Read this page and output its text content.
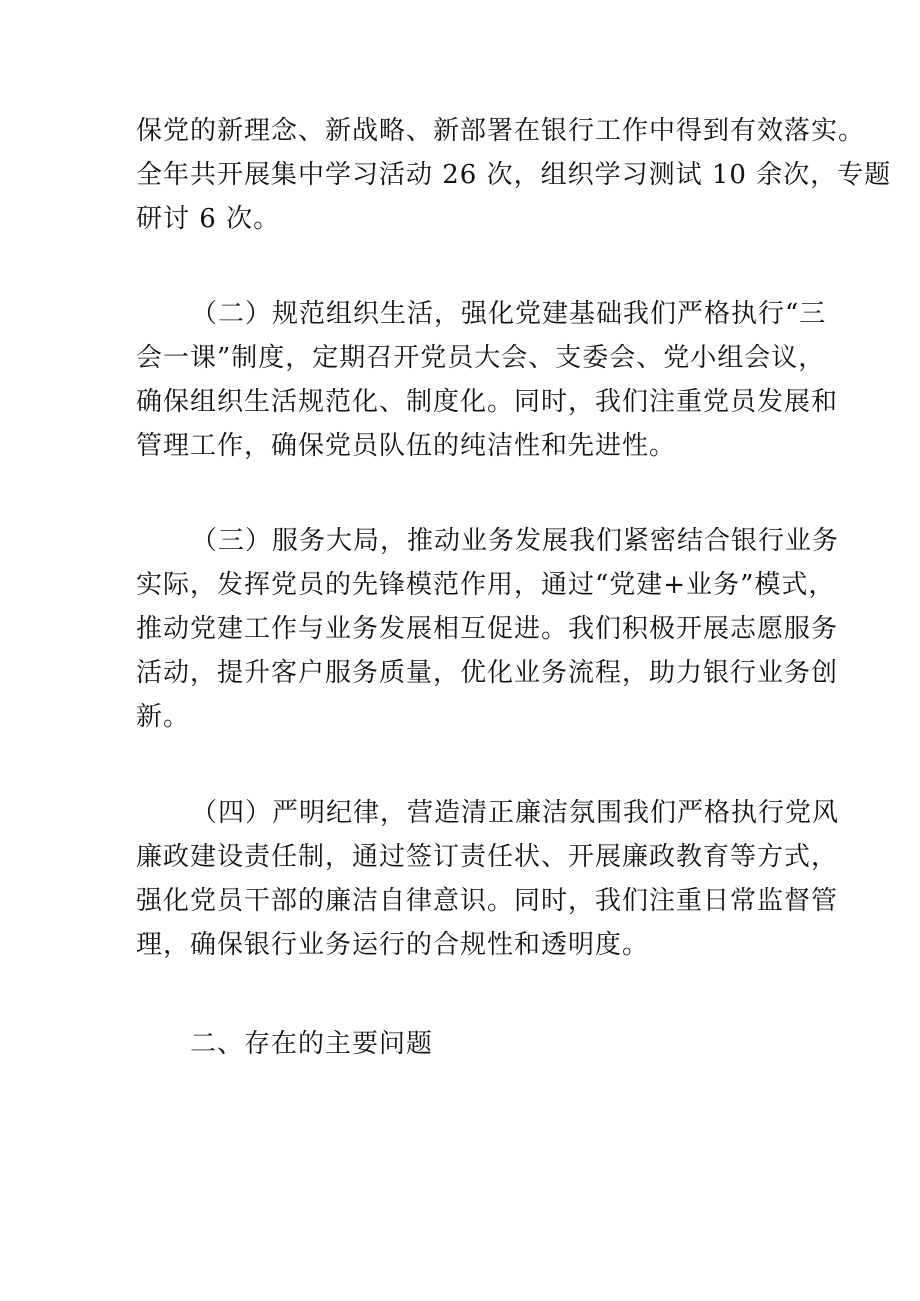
保党的新理念、新战略、新部署在银行工作中得到有效落实。
全年共开展集中学习活动 26 次，组织学习测试 10 余次，专题
研讨 6 次。
（二）规范组织生活，强化党建基础我们严格执行“三
会一课”制度，定期召开党员大会、支委会、党小组会议，
确保组织生活规范化、制度化。同时，我们注重党员发展和
管理工作，确保党员队伍的纯洁性和先进性。
（三）服务大局，推动业务发展我们紧密结合银行业务
实际，发挥党员的先锋模范作用，通过“党建+业务”模式，
推动党建工作与业务发展相互促进。我们积极开展志愿服务
活动，提升客户服务质量，优化业务流程，助力银行业务创
新。
（四）严明纪律，营造清正廉洁氛围我们严格执行党风
廉政建设责任制，通过签订责任状、开展廉政教育等方式，
强化党员干部的廉洁自律意识。同时，我们注重日常监督管
理，确保银行业务运行的合规性和透明度。
二、存在的主要问题
